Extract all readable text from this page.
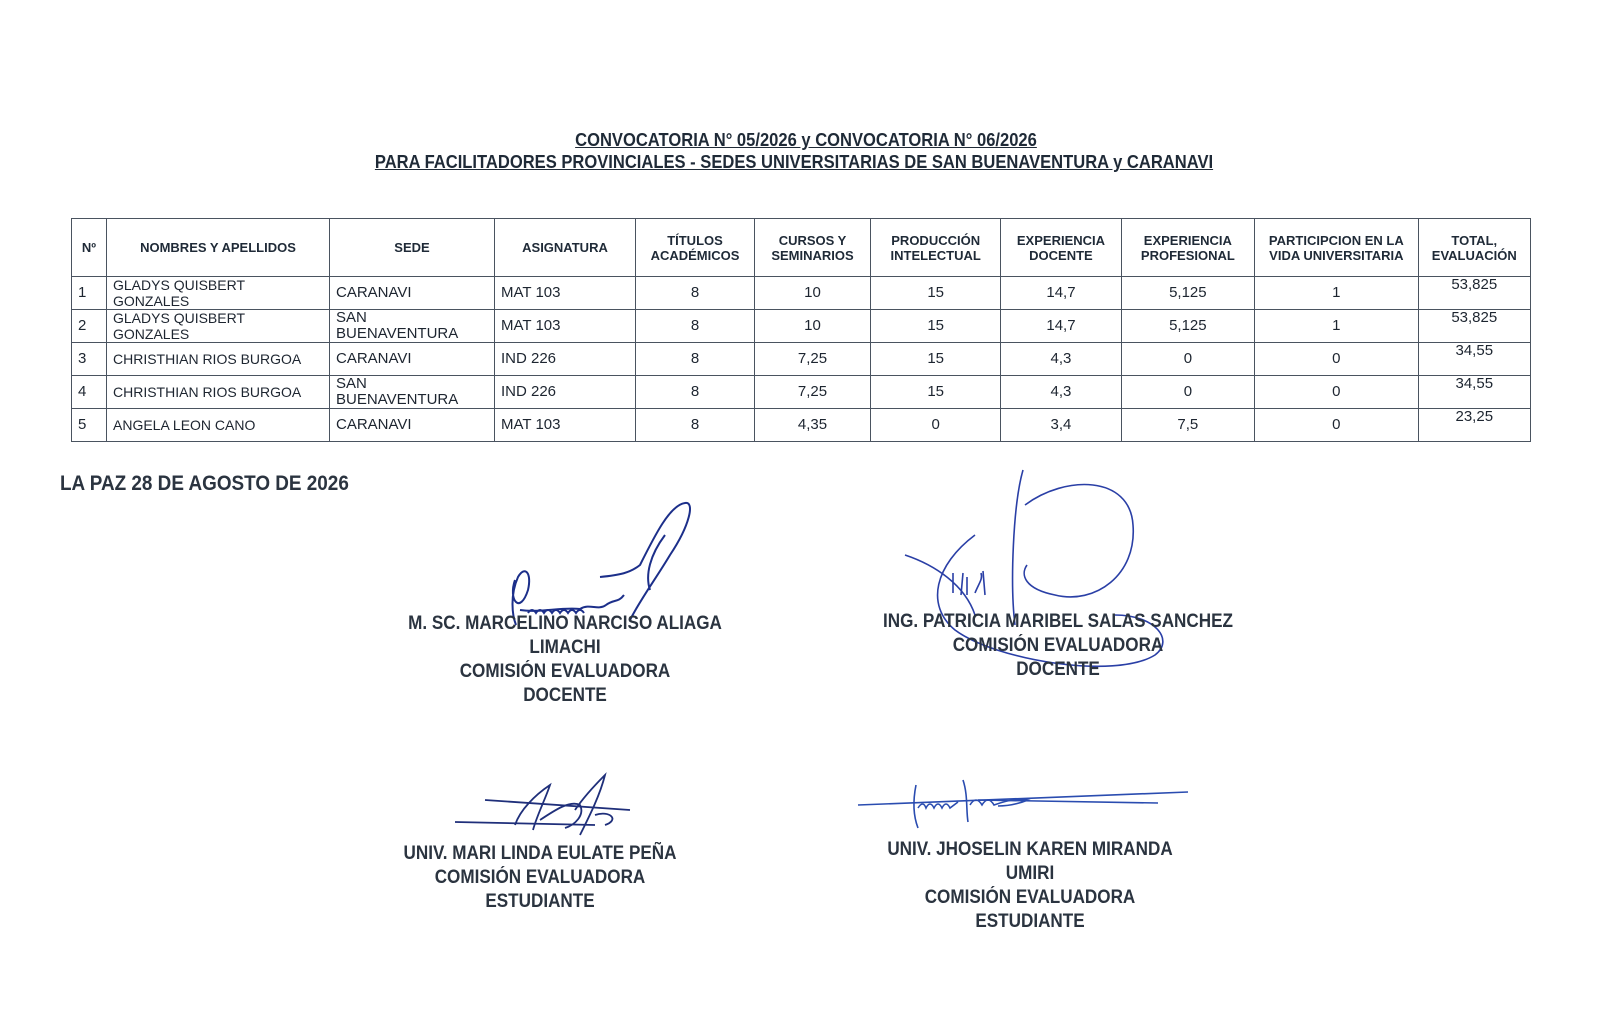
CONVOCATORIA N° 05/2026 y CONVOCATORIA N° 06/2026
PARA FACILITADORES PROVINCIALES - SEDES UNIVERSITARIAS DE SAN BUENAVENTURA y CARANAVI
Nº	NOMBRES Y APELLIDOS	SEDE	ASIGNATURA	TÍTULOS ACADÉMICOS	CURSOS Y SEMINARIOS	PRODUCCIÓN INTELECTUAL	EXPERIENCIA DOCENTE	EXPERIENCIA PROFESIONAL	PARTICIPCION EN LA VIDA UNIVERSITARIA	TOTAL, EVALUACIÓN
1	GLADYS QUISBERT GONZALES	CARANAVI	MAT 103	8	10	15	14,7	5,125	1	53,825
2	GLADYS QUISBERT GONZALES	SAN BUENAVENTURA	MAT 103	8	10	15	14,7	5,125	1	53,825
3	CHRISTHIAN RIOS BURGOA	CARANAVI	IND 226	8	7,25	15	4,3	0	0	34,55
4	CHRISTHIAN RIOS BURGOA	SAN BUENAVENTURA	IND 226	8	7,25	15	4,3	0	0	34,55
5	ANGELA LEON CANO	CARANAVI	MAT 103	8	4,35	0	3,4	7,5	0	23,25
LA PAZ 28 DE AGOSTO DE 2026
M. SC. MARCELINO NARCISO ALIAGA LIMACHI
COMISIÓN EVALUADORA
DOCENTE
ING. PATRICIA MARIBEL SALAS SANCHEZ
COMISIÓN EVALUADORA
DOCENTE
UNIV. MARI LINDA EULATE PEÑA
COMISIÓN EVALUADORA
ESTUDIANTE
UNIV. JHOSELIN KAREN MIRANDA UMIRI
COMISIÓN EVALUADORA
ESTUDIANTE
